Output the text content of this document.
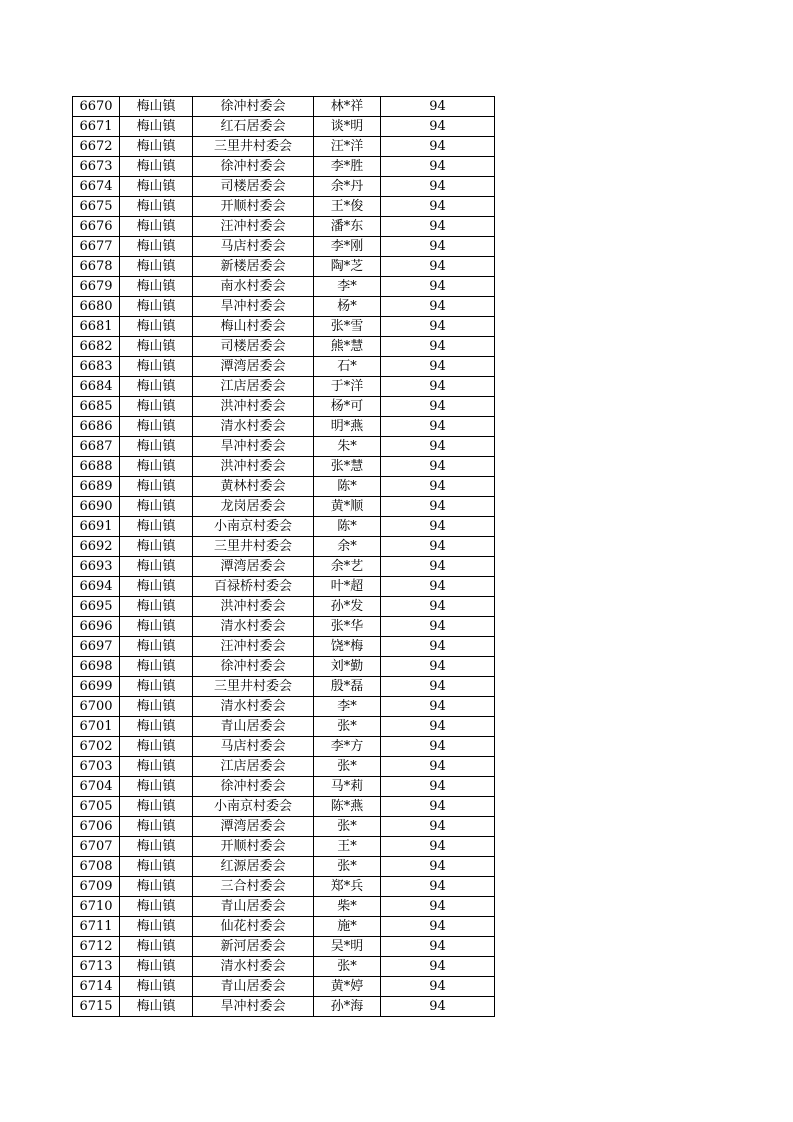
6670	梅山镇	徐冲村委会	林*祥	94
6671	梅山镇	红石居委会	谈*明	94
6672	梅山镇	三里井村委会	汪*洋	94
6673	梅山镇	徐冲村委会	李*胜	94
6674	梅山镇	司楼居委会	余*丹	94
6675	梅山镇	开顺村委会	王*俊	94
6676	梅山镇	汪冲村委会	潘*东	94
6677	梅山镇	马店村委会	李*刚	94
6678	梅山镇	新楼居委会	陶*芝	94
6679	梅山镇	南水村委会	李*	94
6680	梅山镇	旱冲村委会	杨*	94
6681	梅山镇	梅山村委会	张*雪	94
6682	梅山镇	司楼居委会	熊*慧	94
6683	梅山镇	潭湾居委会	石*	94
6684	梅山镇	江店居委会	于*洋	94
6685	梅山镇	洪冲村委会	杨*可	94
6686	梅山镇	清水村委会	明*燕	94
6687	梅山镇	旱冲村委会	朱*	94
6688	梅山镇	洪冲村委会	张*慧	94
6689	梅山镇	黄林村委会	陈*	94
6690	梅山镇	龙岗居委会	黄*顺	94
6691	梅山镇	小南京村委会	陈*	94
6692	梅山镇	三里井村委会	余*	94
6693	梅山镇	潭湾居委会	余*艺	94
6694	梅山镇	百禄桥村委会	叶*超	94
6695	梅山镇	洪冲村委会	孙*发	94
6696	梅山镇	清水村委会	张*华	94
6697	梅山镇	汪冲村委会	饶*梅	94
6698	梅山镇	徐冲村委会	刘*勤	94
6699	梅山镇	三里井村委会	殷*磊	94
6700	梅山镇	清水村委会	李*	94
6701	梅山镇	青山居委会	张*	94
6702	梅山镇	马店村委会	李*方	94
6703	梅山镇	江店居委会	张*	94
6704	梅山镇	徐冲村委会	马*莉	94
6705	梅山镇	小南京村委会	陈*燕	94
6706	梅山镇	潭湾居委会	张*	94
6707	梅山镇	开顺村委会	王*	94
6708	梅山镇	红源居委会	张*	94
6709	梅山镇	三合村委会	郑*兵	94
6710	梅山镇	青山居委会	柴*	94
6711	梅山镇	仙花村委会	施*	94
6712	梅山镇	新河居委会	吴*明	94
6713	梅山镇	清水村委会	张*	94
6714	梅山镇	青山居委会	黄*婷	94
6715	梅山镇	旱冲村委会	孙*海	94
